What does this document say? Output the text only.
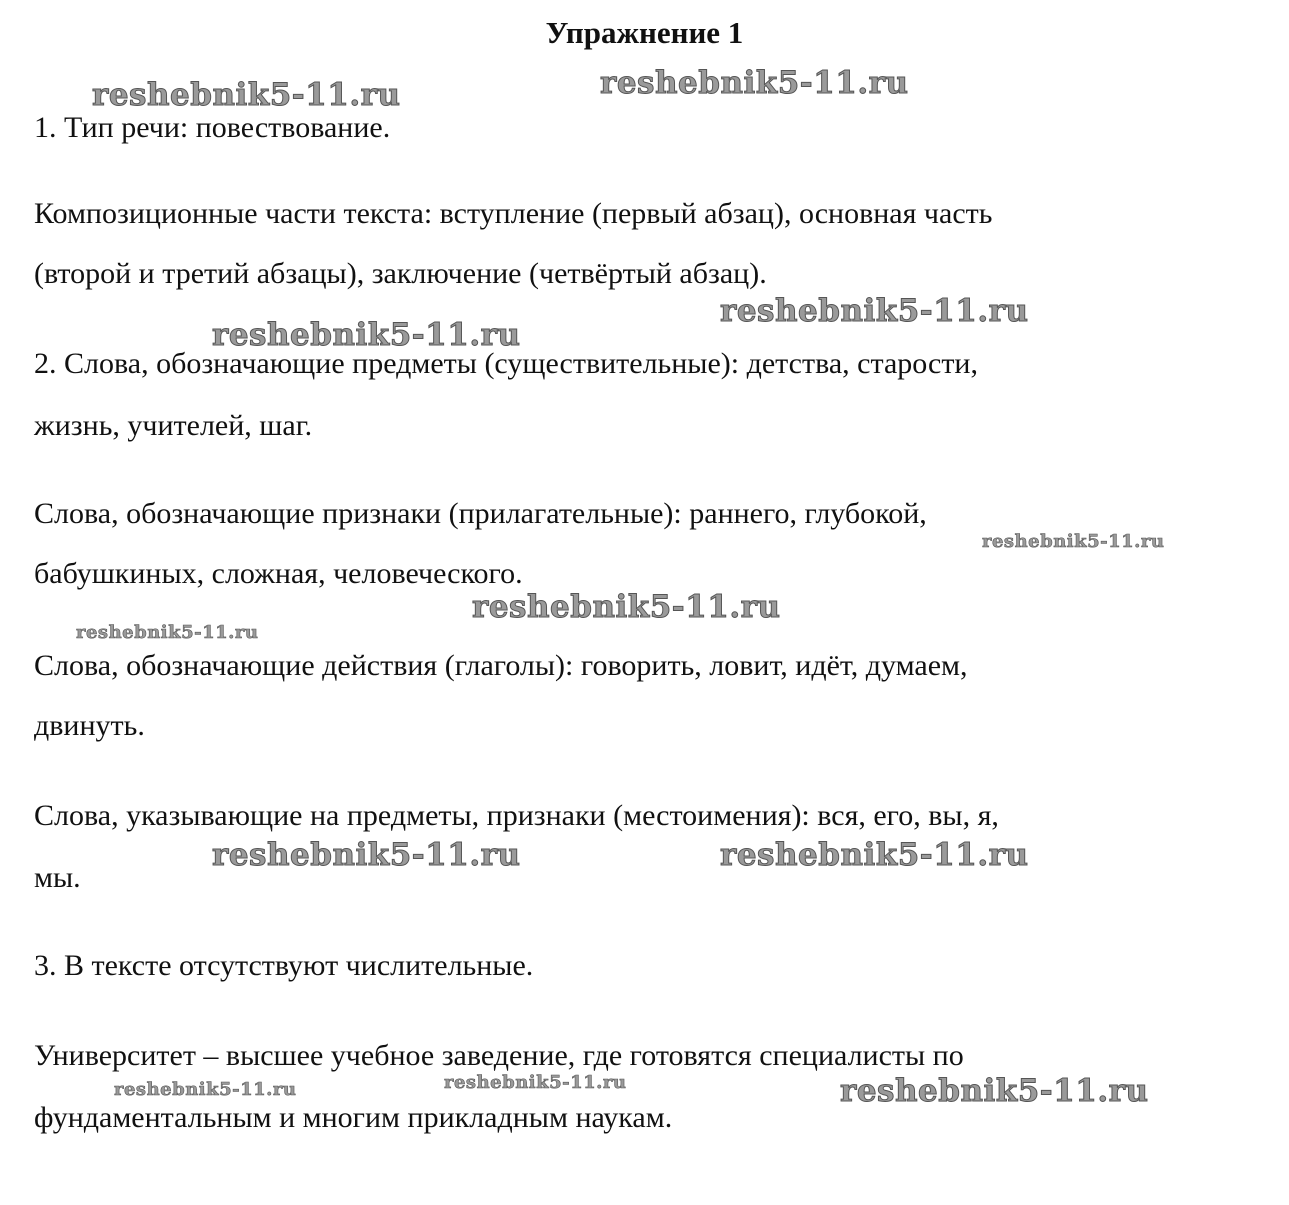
Упражнение 1
1. Тип речи: повествование.
Композиционные части текста: вступление (первый абзац), основная часть
(второй и третий абзацы), заключение (четвёртый абзац).
2. Слова, обозначающие предметы (существительные): детства, старости,
жизнь, учителей, шаг.
Слова, обозначающие признаки (прилагательные): раннего, глубокой,
бабушкиных, сложная, человеческого.
Слова, обозначающие действия (глаголы): говорить, ловит, идёт, думаем,
двинуть.
Слова, указывающие на предметы, признаки (местоимения): вся, его, вы, я,
мы.
3. В тексте отсутствуют числительные.
Университет – высшее учебное заведение, где готовятся специалисты по
фундаментальным и многим прикладным наукам.
reshebnik5-11.ru	reshebnik5-11.ru
reshebnik5-11.ru
reshebnik5-11.ru
reshebnik5-11.ru
reshebnik5-11.ru
reshebnik5-11.ru
reshebnik5-11.ru	reshebnik5-11.ru
reshebnik5-11.ru	reshebnik5-11.ru	reshebnik5-11.ru
